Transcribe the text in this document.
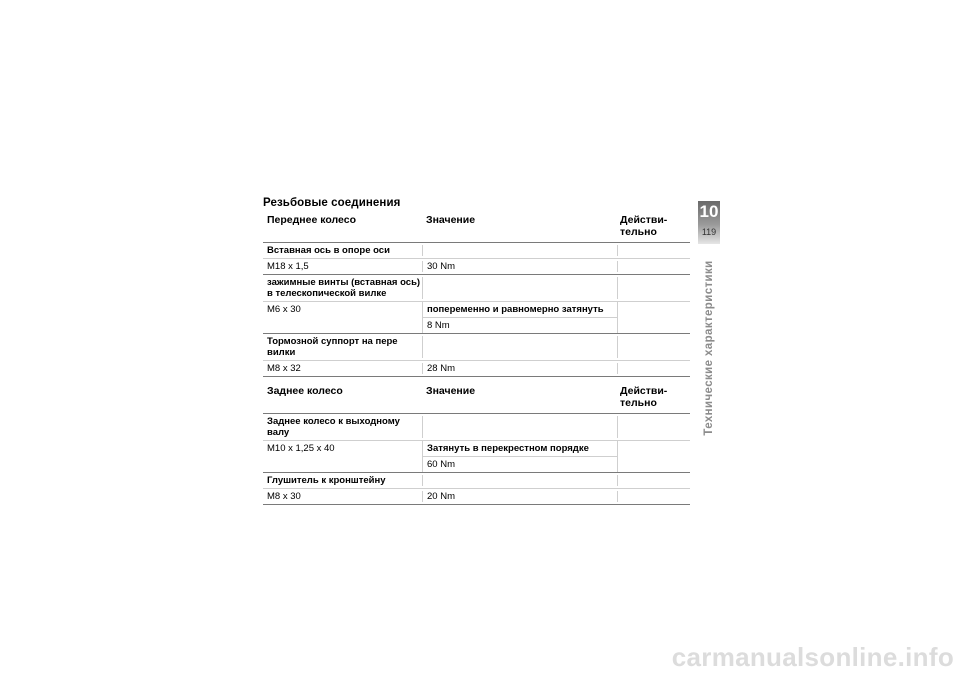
Резьбовые соединения
Переднее колесо	Значение	Действи-
тельно
Вставная ось в опоре оси
M18 x 1,5	30 Nm
зажимные винты (вставная ось) в телескопической вилке
M6 x 30	попеременно и равномерно затянуть
8 Nm
Тормозной суппорт на пере вилки
M8 x 32	28 Nm
Заднее колесо	Значение	Действи-
тельно
Заднее колесо к выходному валу
M10 x 1,25 x 40	Затянуть в перекрестном порядке
60 Nm
Глушитель к кронштейну
M8 x 30	20 Nm
10
119
Технические характеристики
carmanualsonline.info
